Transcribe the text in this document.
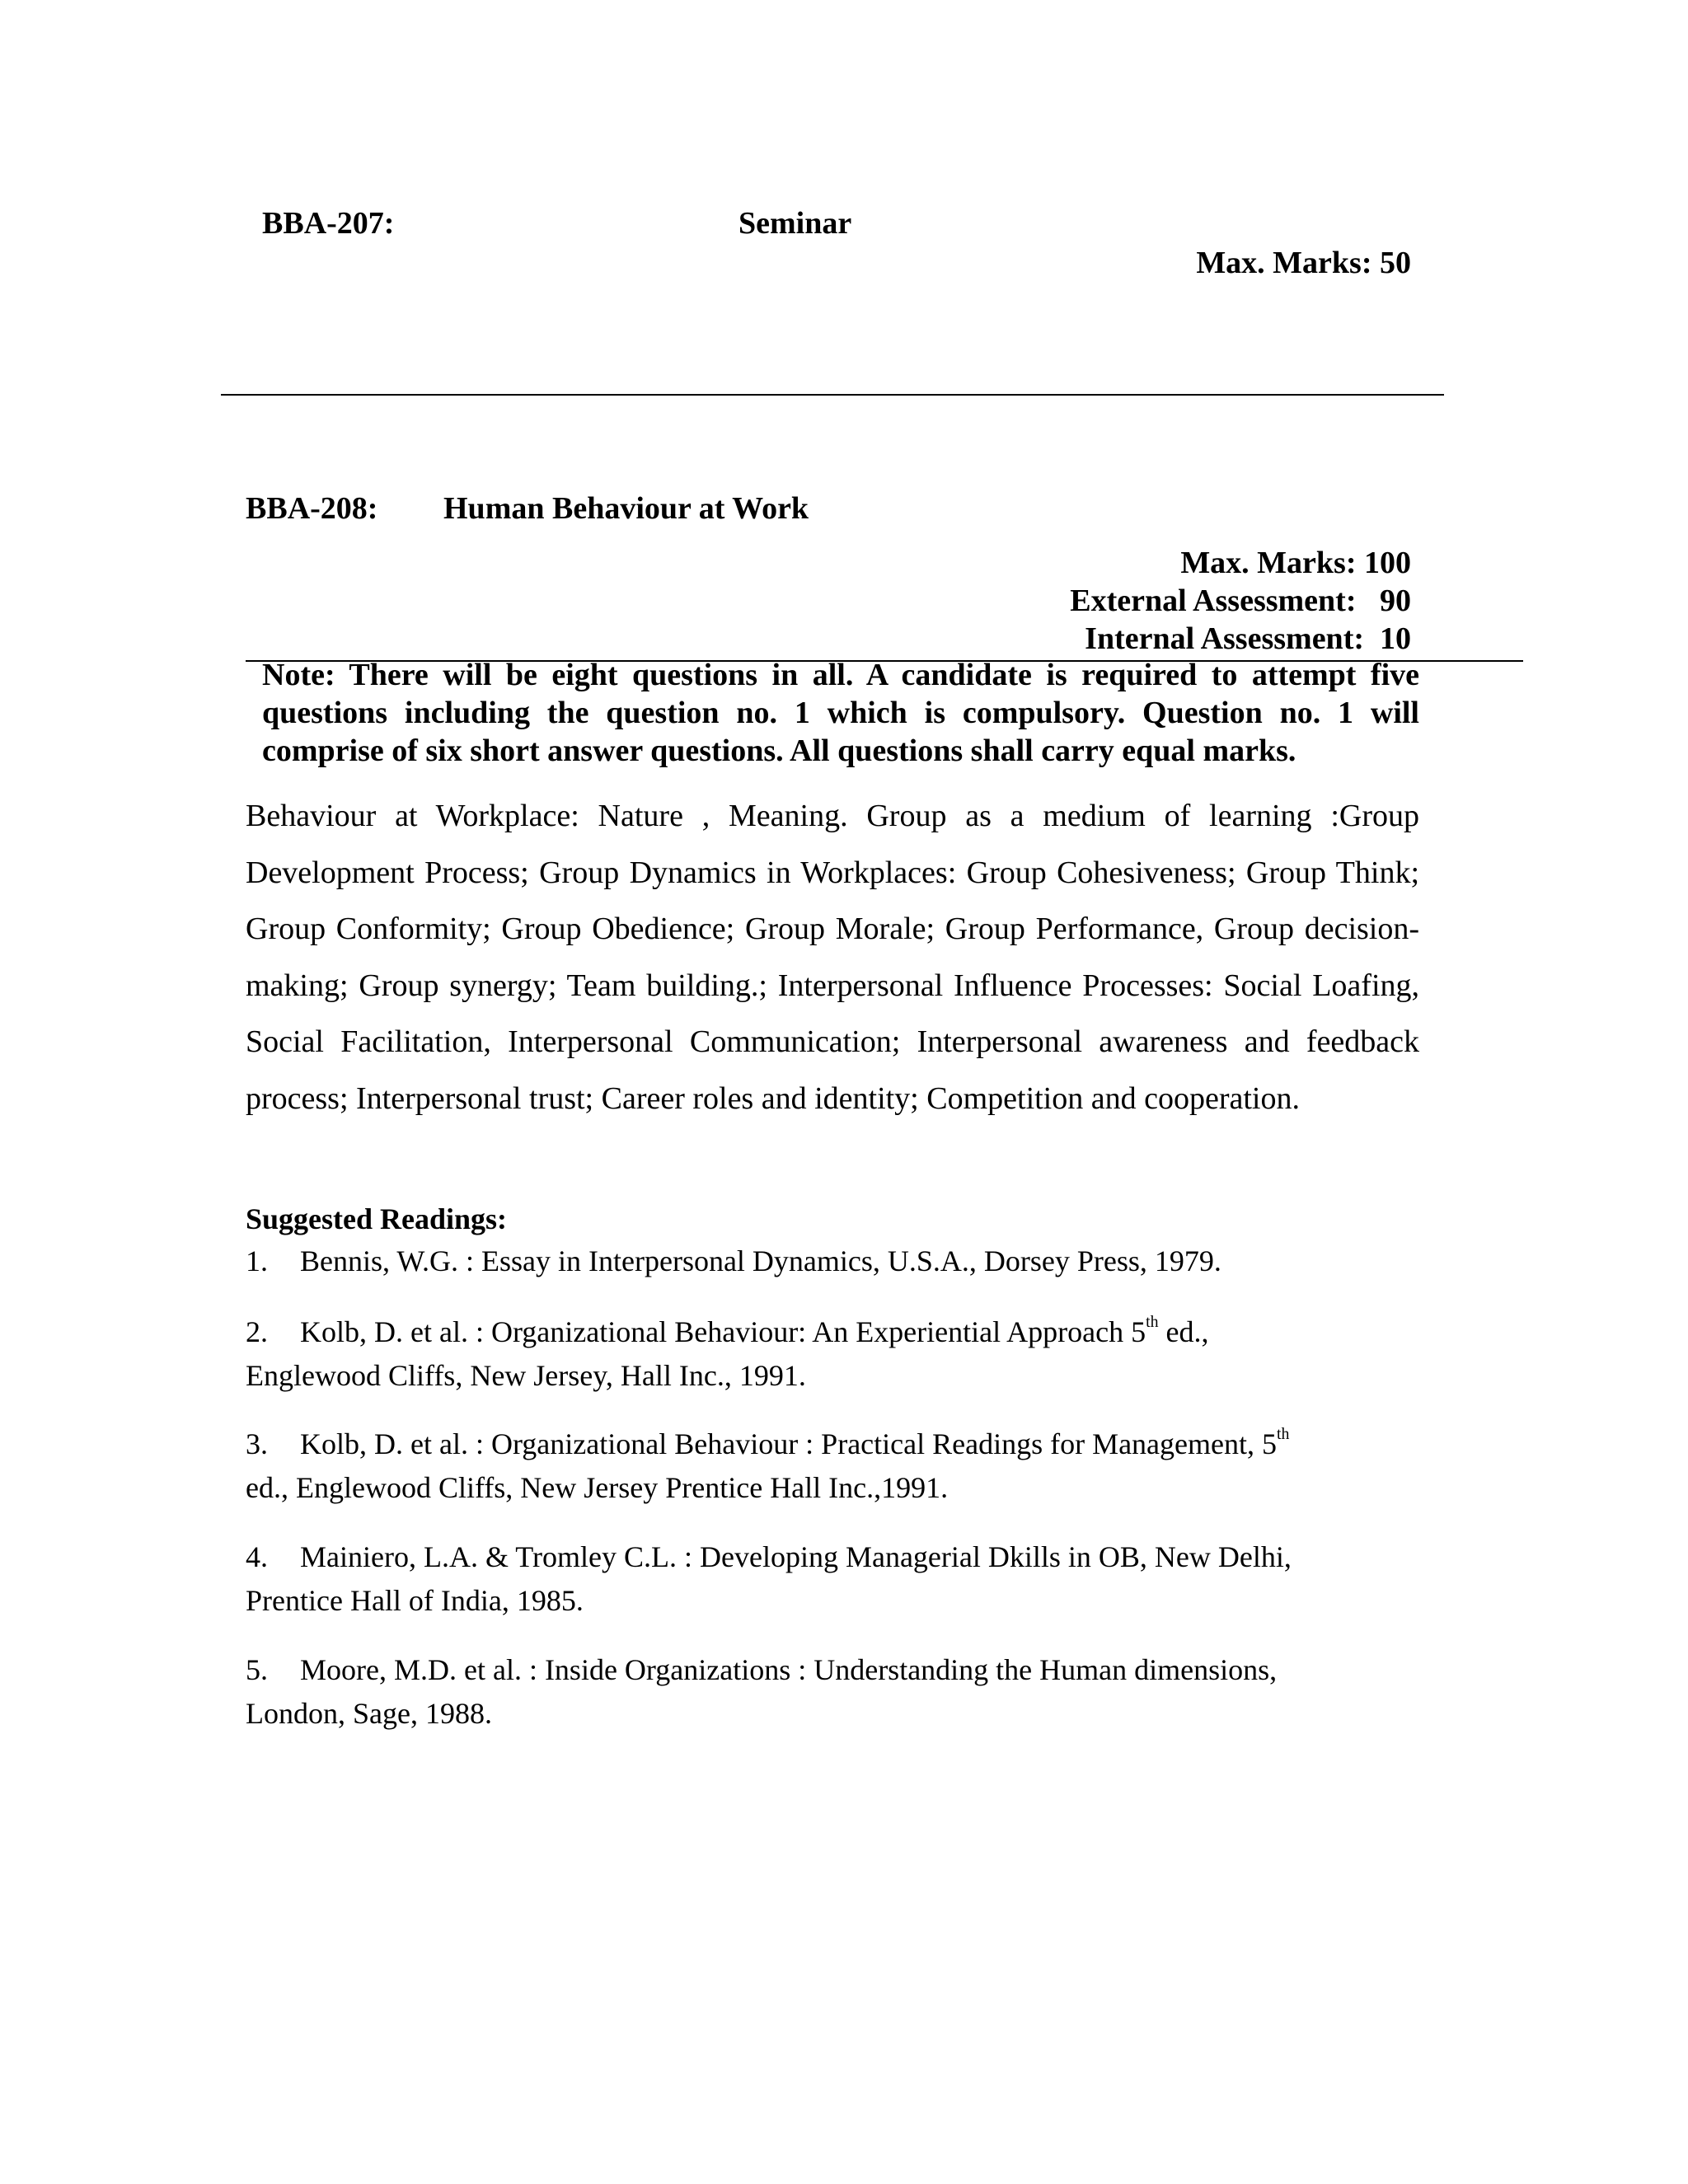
BBA-207:	Seminar
Max. Marks: 50
BBA-208: Human Behaviour at Work
Max. Marks: 100
External Assessment:   90
Internal Assessment:  10
Note: There will be eight questions in all. A candidate is required to attempt five questions including the question no. 1 which is compulsory. Question no. 1 will comprise of six short answer questions. All questions shall carry equal marks.
Behaviour at Workplace: Nature , Meaning. Group as a medium of learning :Group Development Process; Group Dynamics in Workplaces: Group Cohesiveness; Group Think; Group Conformity; Group Obedience; Group Morale; Group Performance, Group decision-making; Group synergy; Team building.; Interpersonal Influence Processes: Social Loafing, Social Facilitation, Interpersonal Communication; Interpersonal awareness and feedback process; Interpersonal trust; Career roles and identity; Competition and cooperation.
Suggested Readings:
1. Bennis, W.G. : Essay in Interpersonal Dynamics, U.S.A., Dorsey Press, 1979.
2. Kolb, D. et al. : Organizational Behaviour: An Experiential Approach 5th ed.,
Englewood Cliffs, New Jersey, Hall Inc., 1991.
3. Kolb, D. et al. : Organizational Behaviour : Practical Readings for Management, 5th
ed., Englewood Cliffs, New Jersey Prentice Hall Inc.,1991.
4. Mainiero, L.A. & Tromley C.L. : Developing Managerial Dkills in OB, New Delhi,
Prentice Hall of India, 1985.
5. Moore, M.D. et al. : Inside Organizations : Understanding the Human dimensions,
London, Sage, 1988.
